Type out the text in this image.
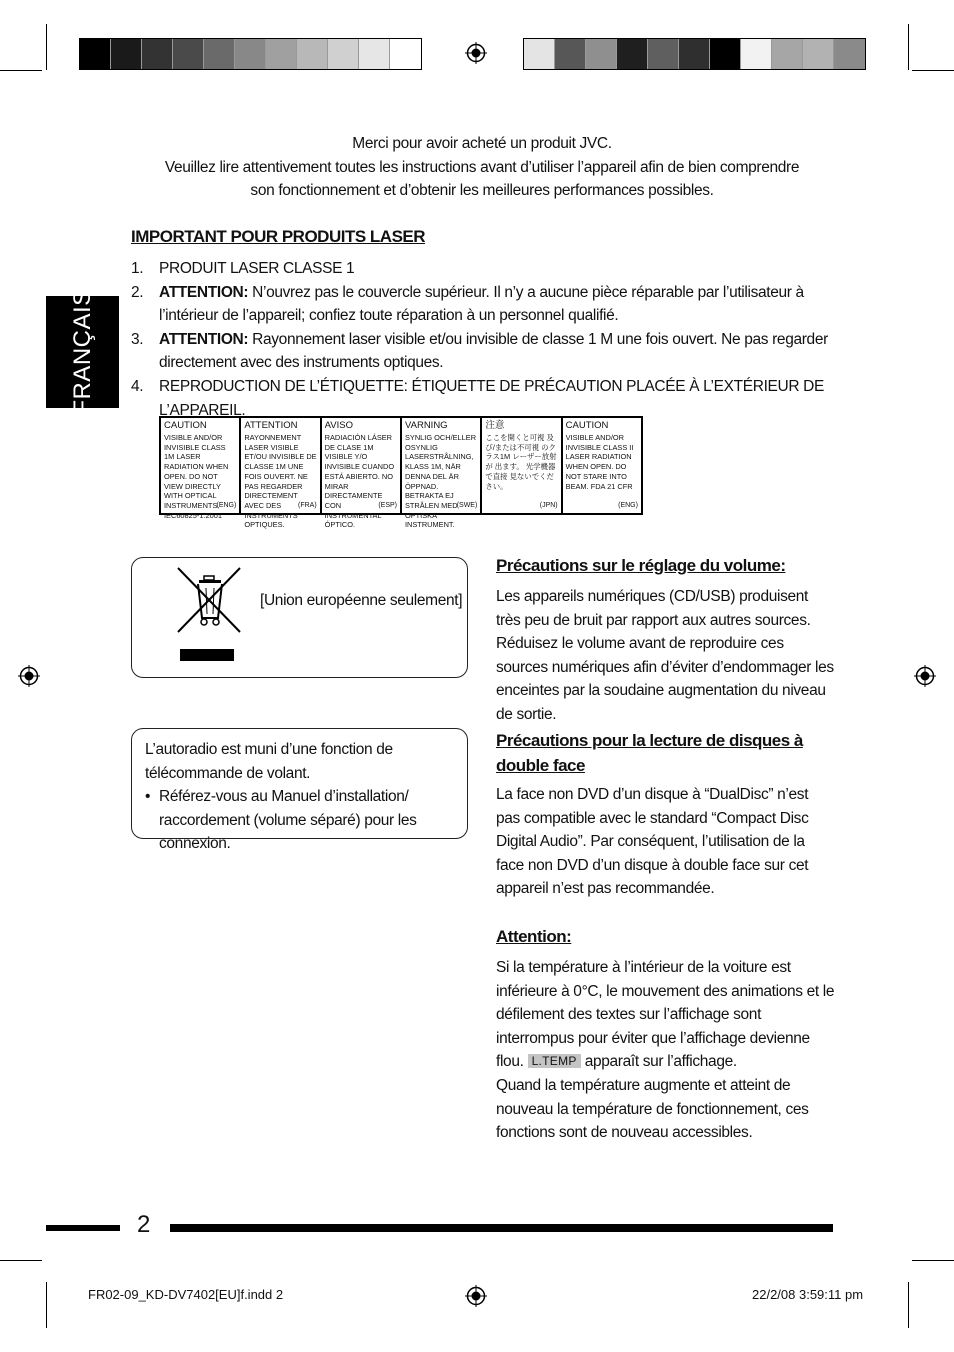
Merci pour avoir acheté un produit JVC.
Veuillez lire attentivement toutes les instructions avant d’utiliser l’appareil afin de bien comprendre son fonctionnement et d’obtenir les meilleures performances possibles.
FRANÇAIS
IMPORTANT POUR PRODUITS LASER
1. PRODUIT LASER CLASSE 1
2. ATTENTION: N’ouvrez pas le couvercle supérieur. Il n’y a aucune pièce réparable par l’utilisateur à l’intérieur de l’appareil; confiez toute réparation à un personnel qualifié.
3. ATTENTION: Rayonnement laser visible et/ou invisible de classe 1 M une fois ouvert. Ne pas regarder directement avec des instruments optiques.
4. REPRODUCTION DE L’ÉTIQUETTE: ÉTIQUETTE DE PRÉCAUTION PLACÉE À L’EXTÉRIEUR DE L’APPAREIL.
CAUTION
VISIBLE AND/OR INVISIBLE CLASS 1M LASER RADIATION WHEN OPEN. DO NOT VIEW DIRECTLY WITH OPTICAL INSTRUMENTS. IEC60825-1:2001
(ENG)
ATTENTION
RAYONNEMENT LASER VISIBLE ET/OU INVISIBLE DE CLASSE 1M UNE FOIS OUVERT. NE PAS REGARDER DIRECTEMENT AVEC DES INSTRUMENTS OPTIQUES.
(FRA)
AVISO
RADIACIÓN LÁSER DE CLASE 1M VISIBLE Y/O INVISIBLE CUANDO ESTÁ ABIERTO. NO MIRAR DIRECTAMENTE CON INSTRUMENTAL ÓPTICO.
(ESP)
VARNING
SYNLIG OCH/ELLER OSYNLIG LASERSTRÅLNING, KLASS 1M, NÄR DENNA DEL ÄR ÖPPNAD. BETRAKTA EJ STRÅLEN MED OPTISKA INSTRUMENT.
(SWE)
注意
ここを開くと可視 及び/または不可視 のクラス1M レーザー放射が 出ます。 光学機器で直接 見ないでください。
(JPN)
CAUTION
VISIBLE AND/OR INVISIBLE CLASS II LASER RADIATION WHEN OPEN. DO NOT STARE INTO BEAM. FDA 21 CFR
(ENG)
[Union européenne seulement]
L’autoradio est muni d’une fonction de télécommande de volant.
• Référez-vous au Manuel d’installation/ raccordement (volume séparé) pour les connexion.
Précautions sur le réglage du volume:
Les appareils numériques (CD/USB) produisent très peu de bruit par rapport aux autres sources. Réduisez le volume avant de reproduire ces sources numériques afin d’éviter d’endommager les enceintes par la soudaine augmentation du niveau de sortie.
Précautions pour la lecture de disques à double face
La face non DVD d’un disque à “DualDisc” n’est pas compatible avec le standard “Compact Disc Digital Audio”. Par conséquent, l’utilisation de la face non DVD d’un disque à double face sur cet appareil n’est pas recommandée.
Attention:
Si la température à l’intérieur de la voiture est inférieure à 0°C, le mouvement des animations et le défilement des textes sur l’affichage sont interrompus pour éviter que l’affichage devienne flou. L.TEMP apparaît sur l’affichage.
Quand la température augmente et atteint de nouveau la température de fonctionnement, ces fonctions sont de nouveau accessibles.
2
FR02-09_KD-DV7402[EU]f.indd 2	22/2/08 3:59:11 pm
